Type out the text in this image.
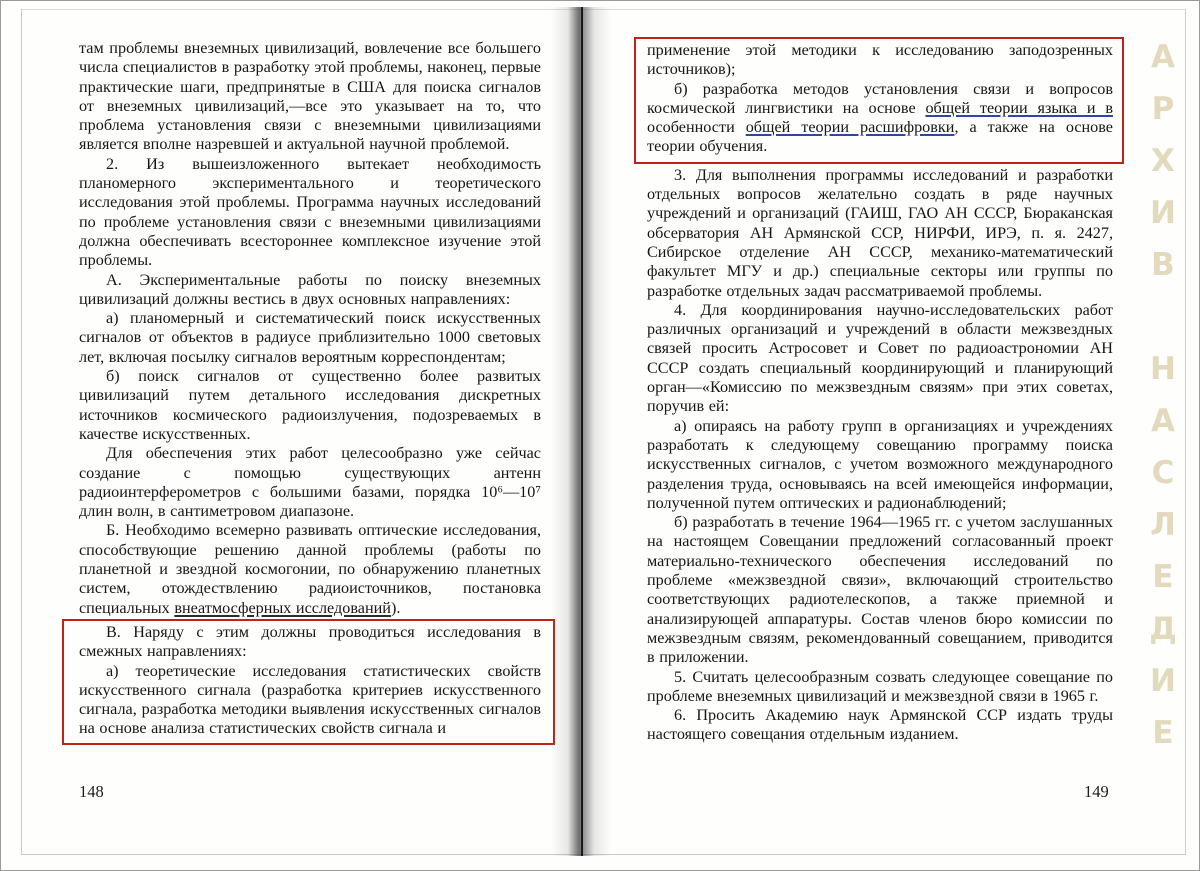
там проблемы внеземных цивилизаций, вовлечение все большего числа специалистов в разработку этой проблемы, наконец, первые практические шаги, предпринятые в США для поиска сигналов от внеземных цивилизаций,—все это указывает на то, что проблема установления связи с внеземными цивилизациями является вполне назревшей и актуальной научной проблемой.

2. Из вышеизложенного вытекает необходимость планомерного экспериментального и теоретического исследования этой проблемы. Программа научных исследований по проблеме установления связи с внеземными цивилизациями должна обеспечивать всестороннее комплексное изучение этой проблемы.

А. Экспериментальные работы по поиску внеземных цивилизаций должны вестись в двух основных направлениях:

а) планомерный и систематический поиск искусственных сигналов от объектов в радиусе приблизительно 1000 световых лет, включая посылку сигналов вероятным корреспондентам;

б) поиск сигналов от существенно более развитых цивилизаций путем детального исследования дискретных источников космического радиоизлучения, подозреваемых в качестве искусственных.

Для обеспечения этих работ целесообразно уже сейчас создание с помощью существующих антенн радиоинтерферометров с большими базами, порядка 10⁶—10⁷ длин волн, в сантиметровом диапазоне.

Б. Необходимо всемерно развивать оптические исследования, способствующие решению данной проблемы (работы по планетной и звездной космогонии, по обнаружению планетных систем, отождествлению радиоисточников, постановка специальных внеатмосферных исследований).

В. Наряду с этим должны проводиться исследования в смежных направлениях:

а) теоретические исследования статистических свойств искусственного сигнала (разработка критериев искусственного сигнала, разработка методики выявления искусственных сигналов на основе анализа статистических свойств сигнала и

148

применение этой методики к исследованию заподозренных источников);

б) разработка методов установления связи и вопросов космической лингвистики на основе общей теории языка и в особенности общей теории расшифровки, а также на основе теории обучения.

3. Для выполнения программы исследований и разработки отдельных вопросов желательно создать в ряде научных учреждений и организаций (ГАИШ, ГАО АН СССР, Бюраканская обсерватория АН Армянской ССР, НИРФИ, ИРЭ, п. я. 2427, Сибирское отделение АН СССР, механико-математический факультет МГУ и др.) специальные секторы или группы по разработке отдельных задач рассматриваемой проблемы.

4. Для координирования научно-исследовательских работ различных организаций и учреждений в области межзвездных связей просить Астросовет и Совет по радиоастрономии АН СССР создать специальный координирующий и планирующий орган—«Комиссию по межзвездным связям» при этих советах, поручив ей:

а) опираясь на работу групп в организациях и учреждениях разработать к следующему совещанию программу поиска искусственных сигналов, с учетом возможного международного разделения труда, основываясь на всей имеющейся информации, полученной путем оптических и радионаблюдений;

б) разработать в течение 1964—1965 гг. с учетом заслушанных на настоящем Совещании предложений согласованный проект материально-технического обеспечения исследований по проблеме «межзвездной связи», включающий строительство соответствующих радиотелескопов, а также приемной и анализирующей аппаратуры. Состав членов бюро комиссии по межзвездным связям, рекомендованный совещанием, приводится в приложении.

5. Считать целесообразным созвать следующее совещание по проблеме внеземных цивилизаций и межзвездной связи в 1965 г.

6. Просить Академию наук Армянской ССР издать труды настоящего совещания отдельным изданием.

149
А
Р
Х
И
В
Н
А
С
Л
Е
Д
И
Е
